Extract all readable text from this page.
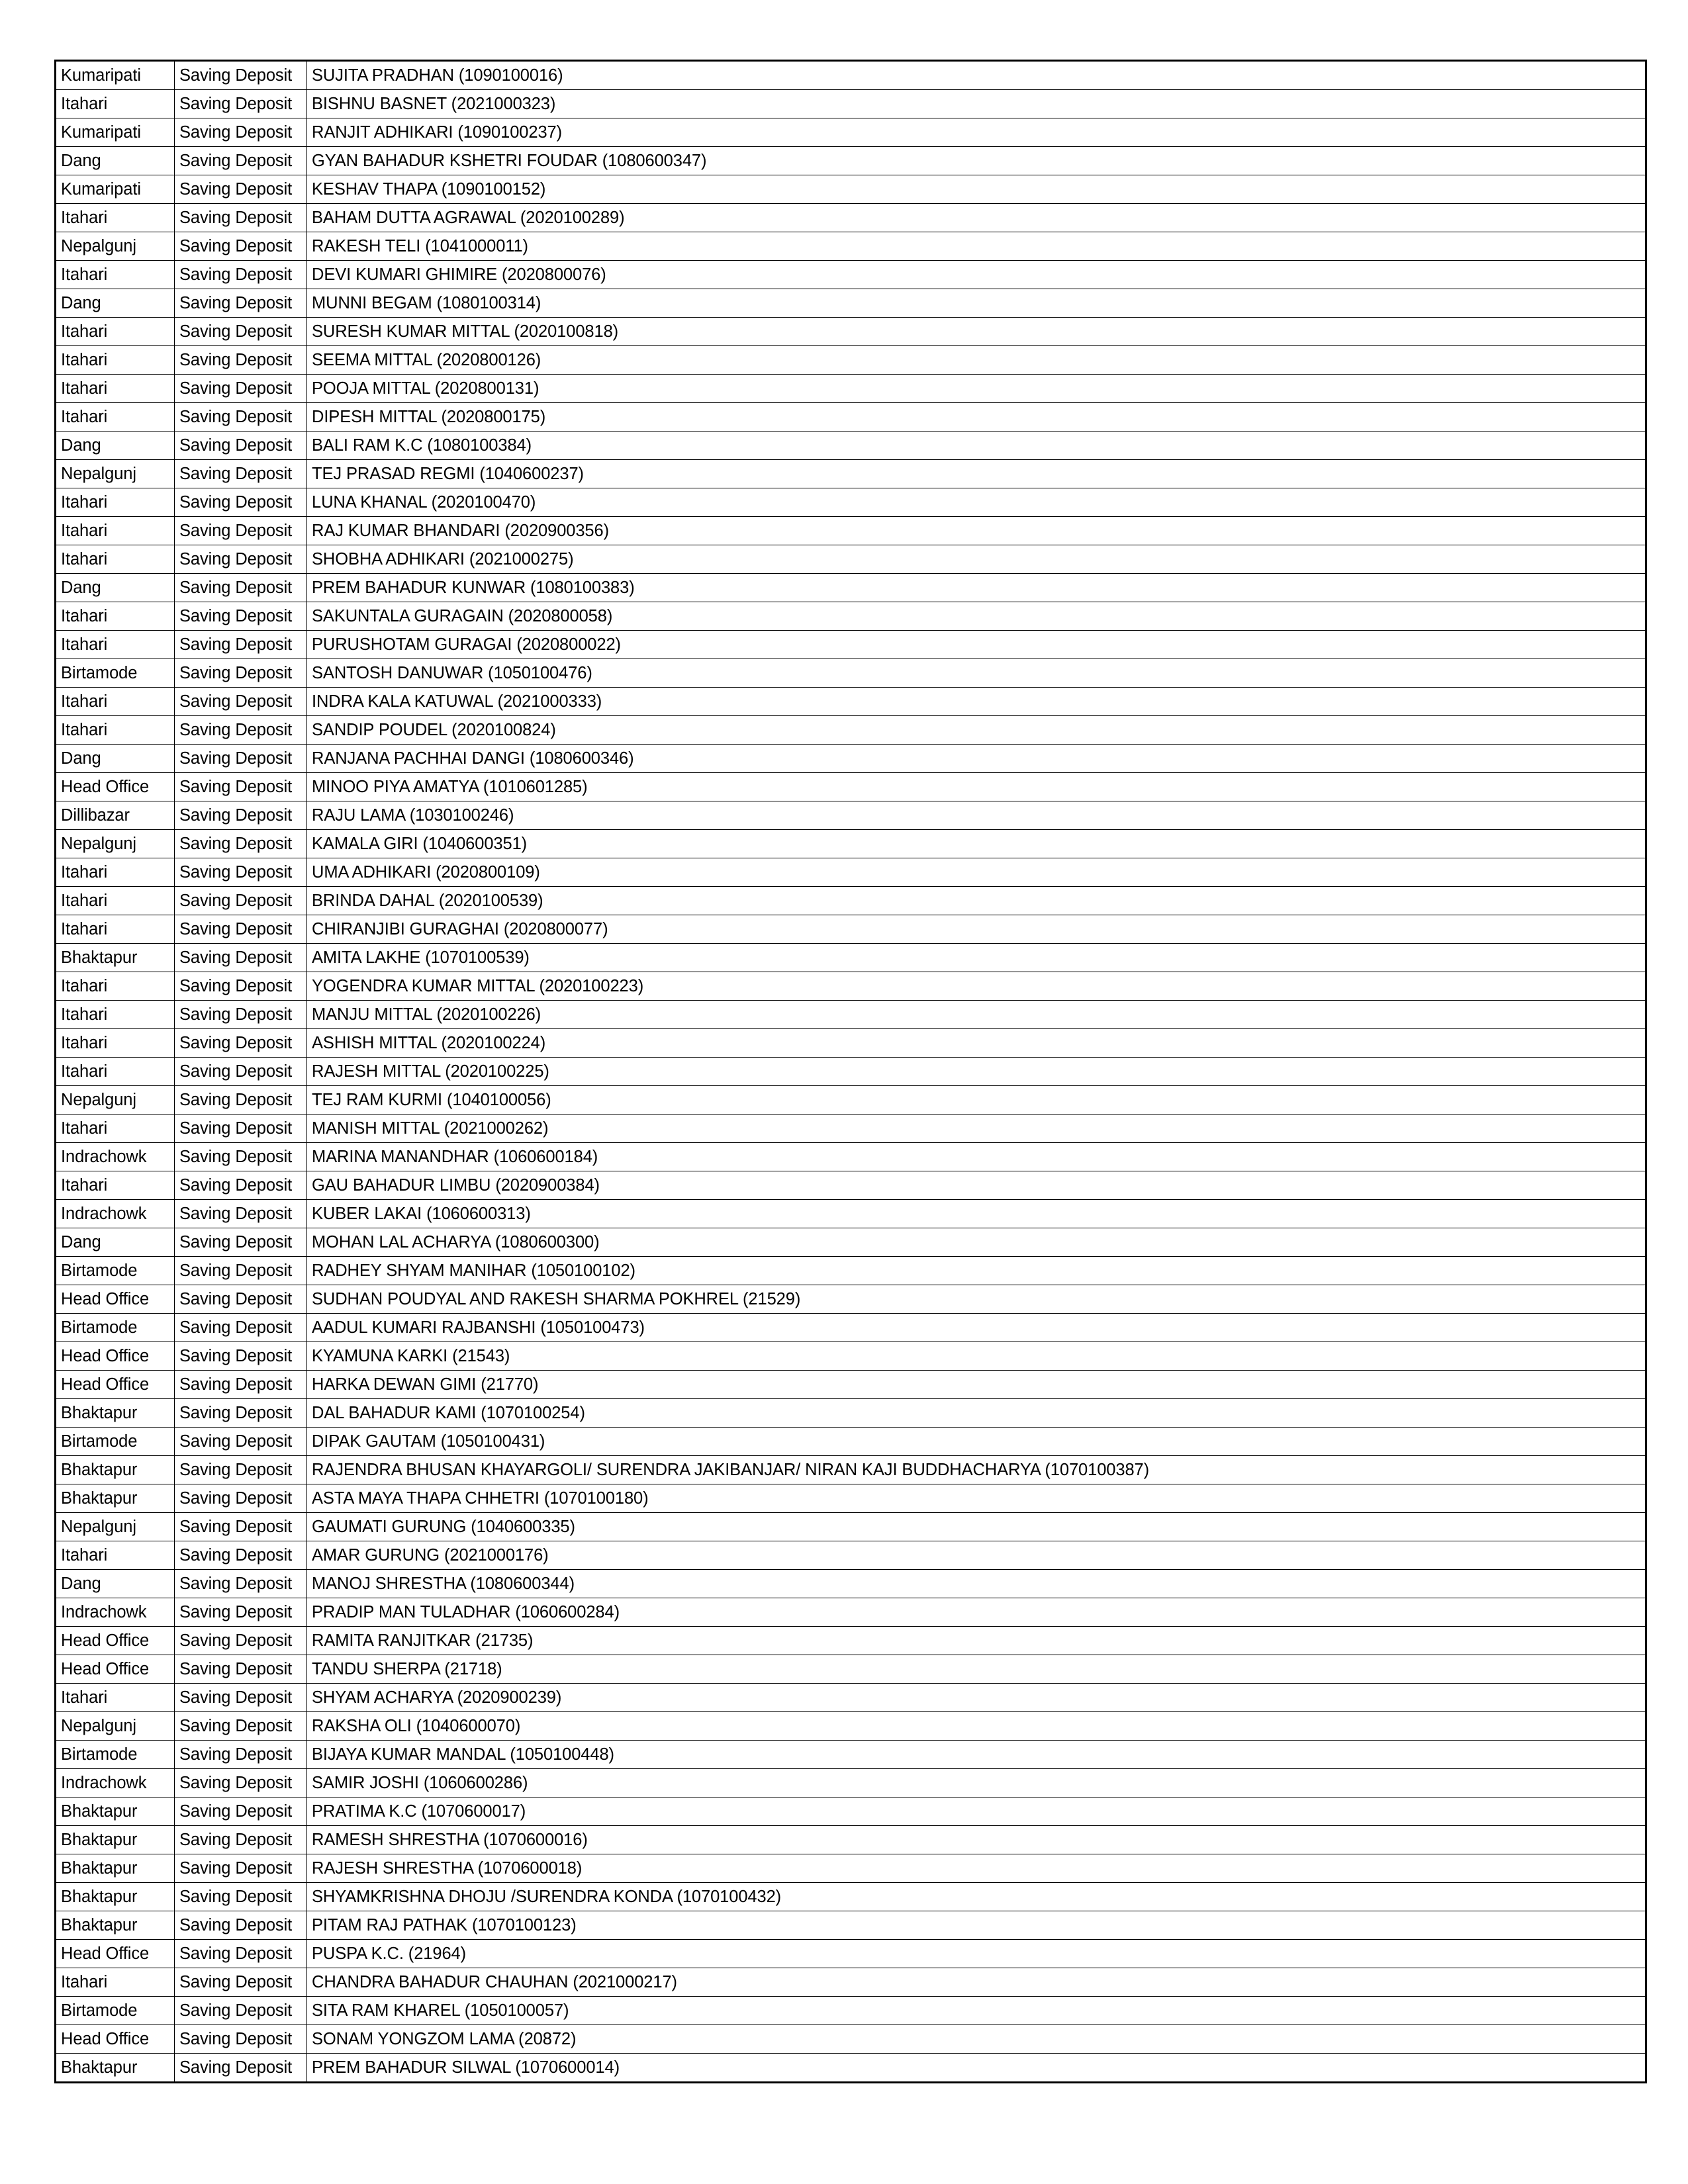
Kumaripati	Saving Deposit	SUJITA PRADHAN (1090100016)
Itahari	Saving Deposit	BISHNU BASNET (2021000323)
Kumaripati	Saving Deposit	RANJIT ADHIKARI (1090100237)
Dang	Saving Deposit	GYAN BAHADUR KSHETRI FOUDAR (1080600347)
Kumaripati	Saving Deposit	KESHAV THAPA (1090100152)
Itahari	Saving Deposit	BAHAM DUTTA AGRAWAL (2020100289)
Nepalgunj	Saving Deposit	RAKESH TELI (1041000011)
Itahari	Saving Deposit	DEVI KUMARI GHIMIRE (2020800076)
Dang	Saving Deposit	MUNNI BEGAM (1080100314)
Itahari	Saving Deposit	SURESH KUMAR MITTAL (2020100818)
Itahari	Saving Deposit	SEEMA MITTAL (2020800126)
Itahari	Saving Deposit	POOJA MITTAL (2020800131)
Itahari	Saving Deposit	DIPESH MITTAL (2020800175)
Dang	Saving Deposit	BALI RAM K.C (1080100384)
Nepalgunj	Saving Deposit	TEJ PRASAD REGMI (1040600237)
Itahari	Saving Deposit	LUNA KHANAL (2020100470)
Itahari	Saving Deposit	RAJ KUMAR BHANDARI (2020900356)
Itahari	Saving Deposit	SHOBHA ADHIKARI (2021000275)
Dang	Saving Deposit	PREM BAHADUR KUNWAR (1080100383)
Itahari	Saving Deposit	SAKUNTALA GURAGAIN (2020800058)
Itahari	Saving Deposit	PURUSHOTAM GURAGAI (2020800022)
Birtamode	Saving Deposit	SANTOSH DANUWAR (1050100476)
Itahari	Saving Deposit	INDRA KALA KATUWAL (2021000333)
Itahari	Saving Deposit	SANDIP POUDEL (2020100824)
Dang	Saving Deposit	RANJANA PACHHAI DANGI (1080600346)
Head Office	Saving Deposit	MINOO PIYA AMATYA (1010601285)
Dillibazar	Saving Deposit	RAJU LAMA (1030100246)
Nepalgunj	Saving Deposit	KAMALA GIRI (1040600351)
Itahari	Saving Deposit	UMA ADHIKARI (2020800109)
Itahari	Saving Deposit	BRINDA DAHAL (2020100539)
Itahari	Saving Deposit	CHIRANJIBI GURAGHAI (2020800077)
Bhaktapur	Saving Deposit	AMITA LAKHE (1070100539)
Itahari	Saving Deposit	YOGENDRA KUMAR MITTAL (2020100223)
Itahari	Saving Deposit	MANJU MITTAL (2020100226)
Itahari	Saving Deposit	ASHISH MITTAL (2020100224)
Itahari	Saving Deposit	RAJESH MITTAL (2020100225)
Nepalgunj	Saving Deposit	TEJ RAM KURMI (1040100056)
Itahari	Saving Deposit	MANISH MITTAL (2021000262)
Indrachowk	Saving Deposit	MARINA MANANDHAR (1060600184)
Itahari	Saving Deposit	GAU BAHADUR LIMBU (2020900384)
Indrachowk	Saving Deposit	KUBER LAKAI (1060600313)
Dang	Saving Deposit	MOHAN LAL ACHARYA (1080600300)
Birtamode	Saving Deposit	RADHEY SHYAM MANIHAR (1050100102)
Head Office	Saving Deposit	SUDHAN POUDYAL AND RAKESH SHARMA POKHREL (21529)
Birtamode	Saving Deposit	AADUL KUMARI RAJBANSHI (1050100473)
Head Office	Saving Deposit	KYAMUNA KARKI (21543)
Head Office	Saving Deposit	HARKA DEWAN GIMI (21770)
Bhaktapur	Saving Deposit	DAL BAHADUR KAMI (1070100254)
Birtamode	Saving Deposit	DIPAK GAUTAM (1050100431)
Bhaktapur	Saving Deposit	RAJENDRA BHUSAN KHAYARGOLI/ SURENDRA JAKIBANJAR/ NIRAN KAJI BUDDHACHARYA (1070100387)
Bhaktapur	Saving Deposit	ASTA MAYA THAPA CHHETRI (1070100180)
Nepalgunj	Saving Deposit	GAUMATI GURUNG (1040600335)
Itahari	Saving Deposit	AMAR GURUNG (2021000176)
Dang	Saving Deposit	MANOJ SHRESTHA (1080600344)
Indrachowk	Saving Deposit	PRADIP MAN TULADHAR (1060600284)
Head Office	Saving Deposit	RAMITA RANJITKAR (21735)
Head Office	Saving Deposit	TANDU SHERPA (21718)
Itahari	Saving Deposit	SHYAM ACHARYA (2020900239)
Nepalgunj	Saving Deposit	RAKSHA OLI (1040600070)
Birtamode	Saving Deposit	BIJAYA KUMAR MANDAL (1050100448)
Indrachowk	Saving Deposit	SAMIR JOSHI (1060600286)
Bhaktapur	Saving Deposit	PRATIMA K.C (1070600017)
Bhaktapur	Saving Deposit	RAMESH SHRESTHA (1070600016)
Bhaktapur	Saving Deposit	RAJESH SHRESTHA (1070600018)
Bhaktapur	Saving Deposit	SHYAMKRISHNA DHOJU /SURENDRA KONDA (1070100432)
Bhaktapur	Saving Deposit	PITAM RAJ PATHAK (1070100123)
Head Office	Saving Deposit	PUSPA K.C. (21964)
Itahari	Saving Deposit	CHANDRA BAHADUR CHAUHAN (2021000217)
Birtamode	Saving Deposit	SITA RAM KHAREL (1050100057)
Head Office	Saving Deposit	SONAM YONGZOM LAMA (20872)
Bhaktapur	Saving Deposit	PREM BAHADUR SILWAL (1070600014)
